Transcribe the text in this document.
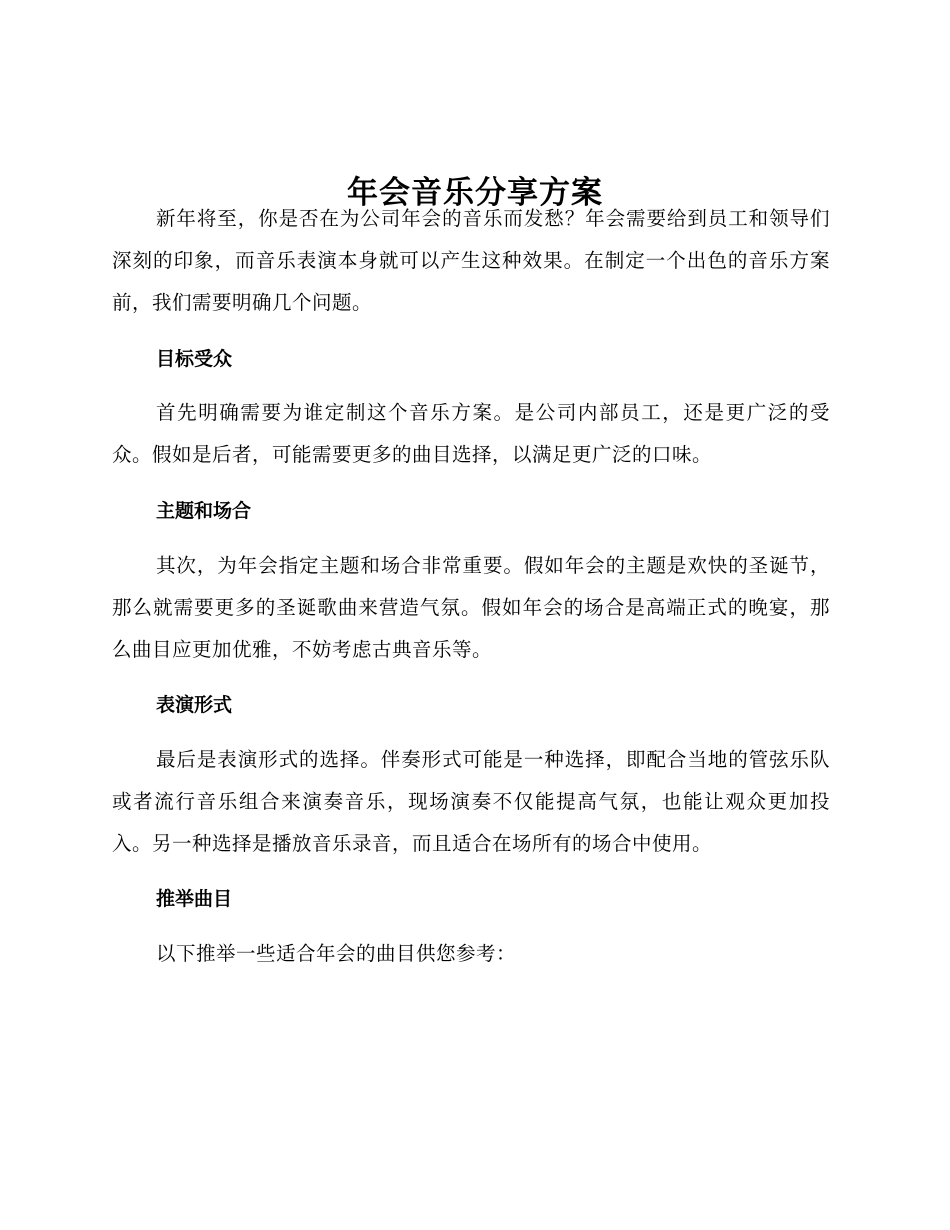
年会音乐分享方案

新年将至，你是否在为公司年会的音乐而发愁？年会需要给到员工和领导们深刻的印象，而音乐表演本身就可以产生这种效果。在制定一个出色的音乐方案前，我们需要明确几个问题。

目标受众

首先明确需要为谁定制这个音乐方案。是公司内部员工，还是更广泛的受众。假如是后者，可能需要更多的曲目选择，以满足更广泛的口味。

主题和场合

其次，为年会指定主题和场合非常重要。假如年会的主题是欢快的圣诞节，那么就需要更多的圣诞歌曲来营造气氛。假如年会的场合是高端正式的晚宴，那么曲目应更加优雅，不妨考虑古典音乐等。

表演形式

最后是表演形式的选择。伴奏形式可能是一种选择，即配合当地的管弦乐队或者流行音乐组合来演奏音乐，现场演奏不仅能提高气氛，也能让观众更加投入。另一种选择是播放音乐录音，而且适合在场所有的场合中使用。

推举曲目

以下推举一些适合年会的曲目供您参考：
